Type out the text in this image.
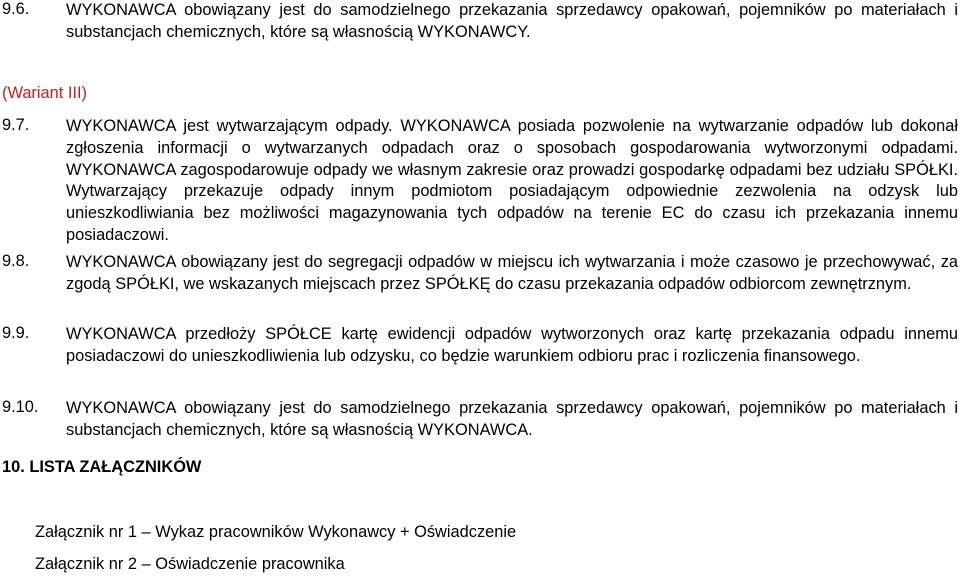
9.6. WYKONAWCA obowiązany jest do samodzielnego przekazania sprzedawcy opakowań, pojemników po materiałach i substancjach chemicznych, które są własnością WYKONAWCY.
(Wariant III)
9.7. WYKONAWCA jest wytwarzającym odpady. WYKONAWCA posiada pozwolenie na wytwarzanie odpadów lub dokonał zgłoszenia informacji o wytwarzanych odpadach oraz o sposobach gospodarowania wytworzonymi odpadami. WYKONAWCA zagospodarowuje odpady we własnym zakresie oraz prowadzi gospodarkę odpadami bez udziału SPÓŁKI. Wytwarzający przekazuje odpady innym podmiotom posiadającym odpowiednie zezwolenia na odzysk lub unieszkodliwiania bez możliwości magazynowania tych odpadów na terenie EC do czasu ich przekazania innemu posiadaczowi.
9.8. WYKONAWCA obowiązany jest do segregacji odpadów w miejscu ich wytwarzania i może czasowo je przechowywać, za zgodą SPÓŁKI, we wskazanych miejscach przez SPÓŁKĘ do czasu przekazania odpadów odbiorcom zewnętrznym.
9.9. WYKONAWCA przedłoży SPÓŁCE kartę ewidencji odpadów wytworzonych oraz kartę przekazania odpadu innemu posiadaczowi do unieszkodliwienia lub odzysku, co będzie warunkiem odbioru prac i rozliczenia finansowego.
9.10. WYKONAWCA obowiązany jest do samodzielnego przekazania sprzedawcy opakowań, pojemników po materiałach i substancjach chemicznych, które są własnością WYKONAWCA.
10. LISTA ZAŁĄCZNIKÓW
Załącznik nr 1 – Wykaz pracowników Wykonawcy + Oświadczenie
Załącznik nr 2 – Oświadczenie pracownika
